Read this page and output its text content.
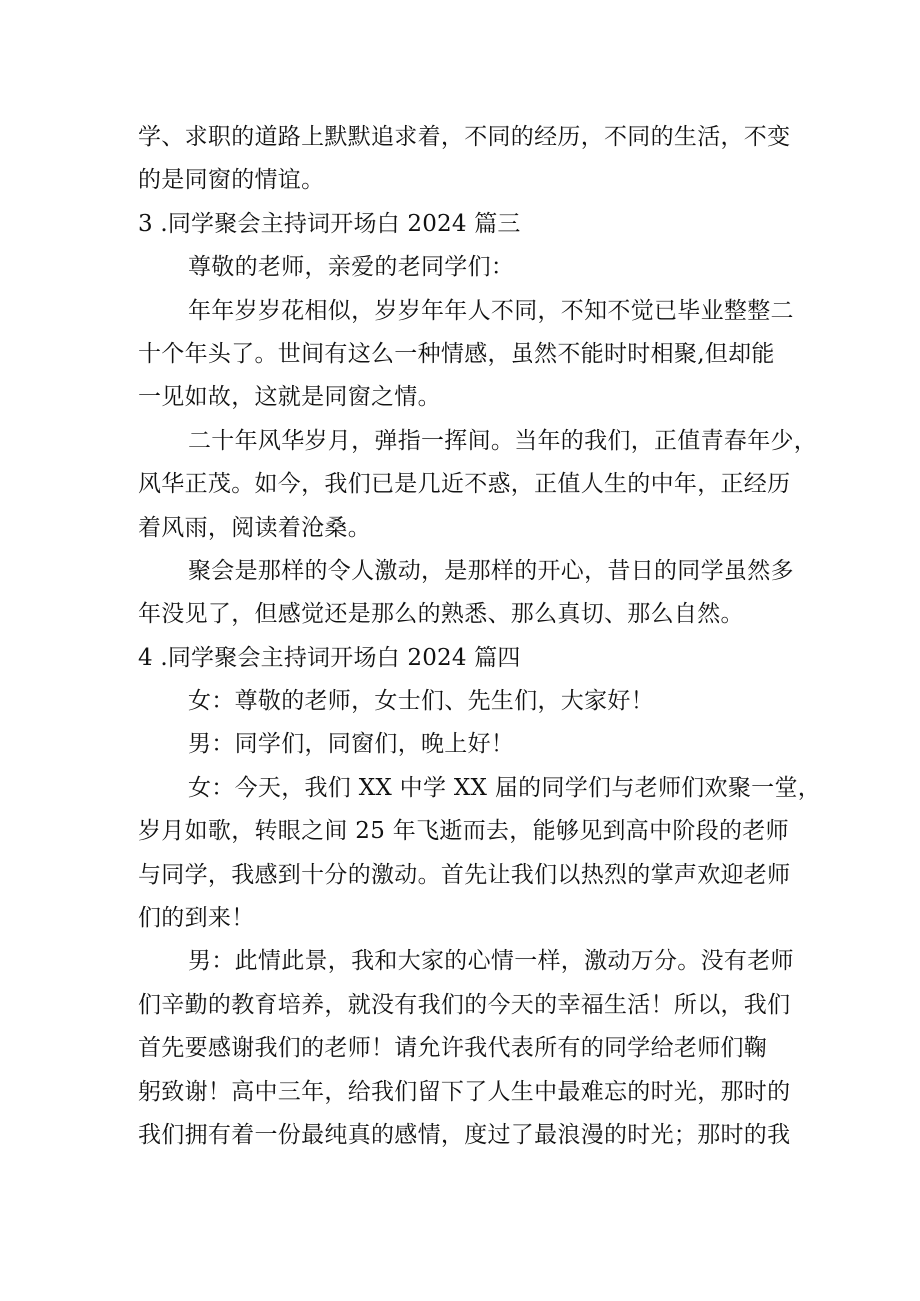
学、求职的道路上默默追求着，不同的经历，不同的生活，不变
的是同窗的情谊。
3 .同学聚会主持词开场白 2024 篇三
尊敬的老师，亲爱的老同学们：
年年岁岁花相似，岁岁年年人不同，不知不觉已毕业整整二
十个年头了。世间有这么一种情感，虽然不能时时相聚,但却能
一见如故，这就是同窗之情。
二十年风华岁月，弹指一挥间。当年的我们，正值青春年少，
风华正茂。如今，我们已是几近不惑，正值人生的中年，正经历
着风雨，阅读着沧桑。
聚会是那样的令人激动，是那样的开心，昔日的同学虽然多
年没见了，但感觉还是那么的熟悉、那么真切、那么自然。
4 .同学聚会主持词开场白 2024 篇四
女：尊敬的老师，女士们、先生们，大家好！
男：同学们，同窗们，晚上好！
女：今天，我们 XX 中学 XX 届的同学们与老师们欢聚一堂，
岁月如歌，转眼之间 25 年飞逝而去，能够见到高中阶段的老师
与同学，我感到十分的激动。首先让我们以热烈的掌声欢迎老师
们的到来！
男：此情此景，我和大家的心情一样，激动万分。没有老师
们辛勤的教育培养，就没有我们的今天的幸福生活！所以，我们
首先要感谢我们的老师！请允许我代表所有的同学给老师们鞠
躬致谢！高中三年，给我们留下了人生中最难忘的时光，那时的
我们拥有着一份最纯真的感情，度过了最浪漫的时光；那时的我
